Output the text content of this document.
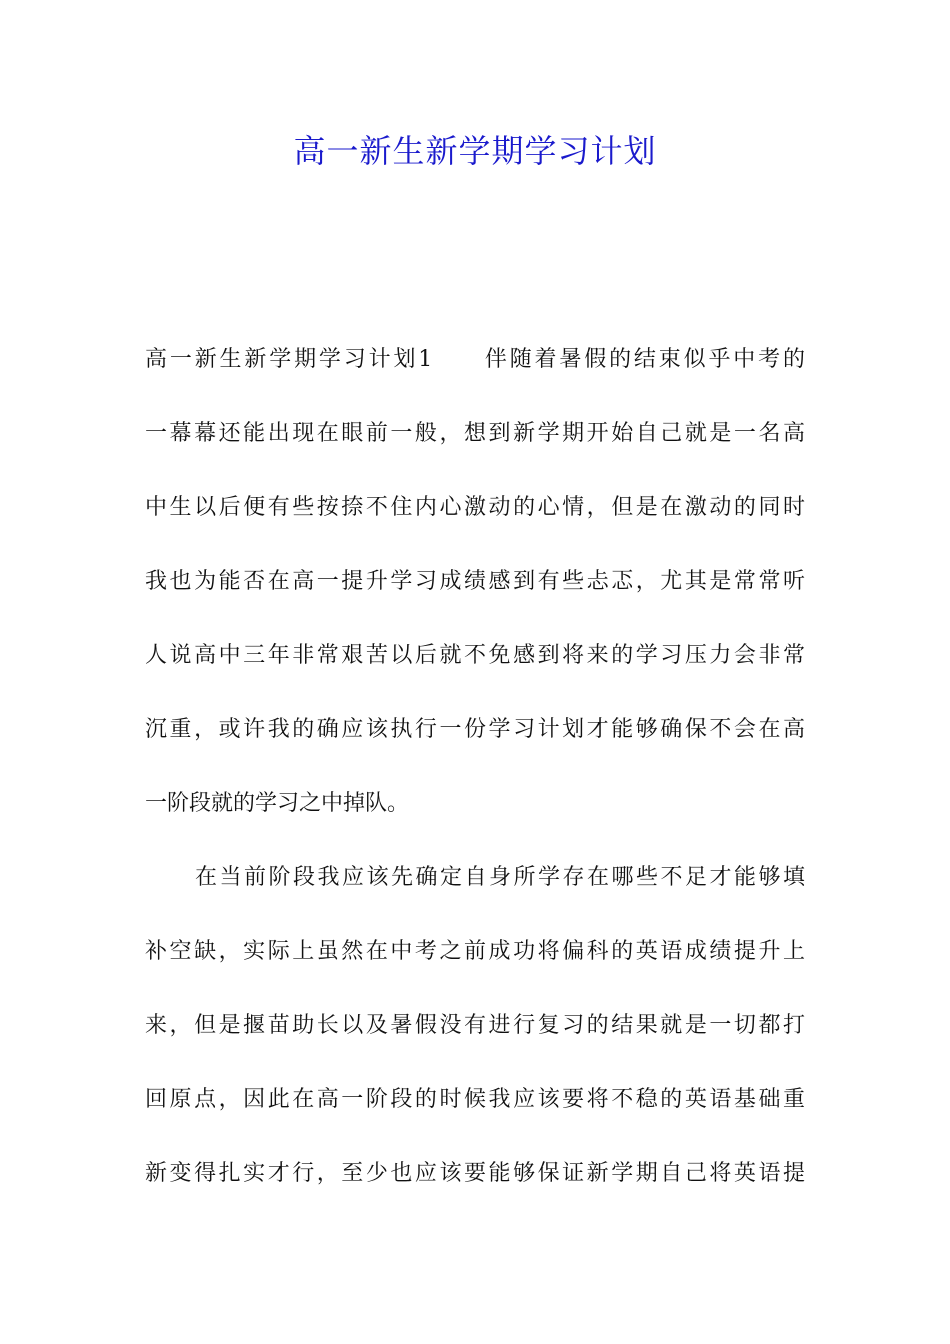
高一新生新学期学习计划
高一新生新学期学习计划1　　伴随着暑假的结束似乎中考的
一幕幕还能出现在眼前一般，想到新学期开始自己就是一名高
中生以后便有些按捺不住内心激动的心情，但是在激动的同时
我也为能否在高一提升学习成绩感到有些忐忑，尤其是常常听
人说高中三年非常艰苦以后就不免感到将来的学习压力会非常
沉重，或许我的确应该执行一份学习计划才能够确保不会在高
一阶段就的学习之中掉队。
在当前阶段我应该先确定自身所学存在哪些不足才能够填
补空缺，实际上虽然在中考之前成功将偏科的英语成绩提升上
来，但是揠苗助长以及暑假没有进行复习的结果就是一切都打
回原点，因此在高一阶段的时候我应该要将不稳的英语基础重
新变得扎实才行，至少也应该要能够保证新学期自己将英语提
